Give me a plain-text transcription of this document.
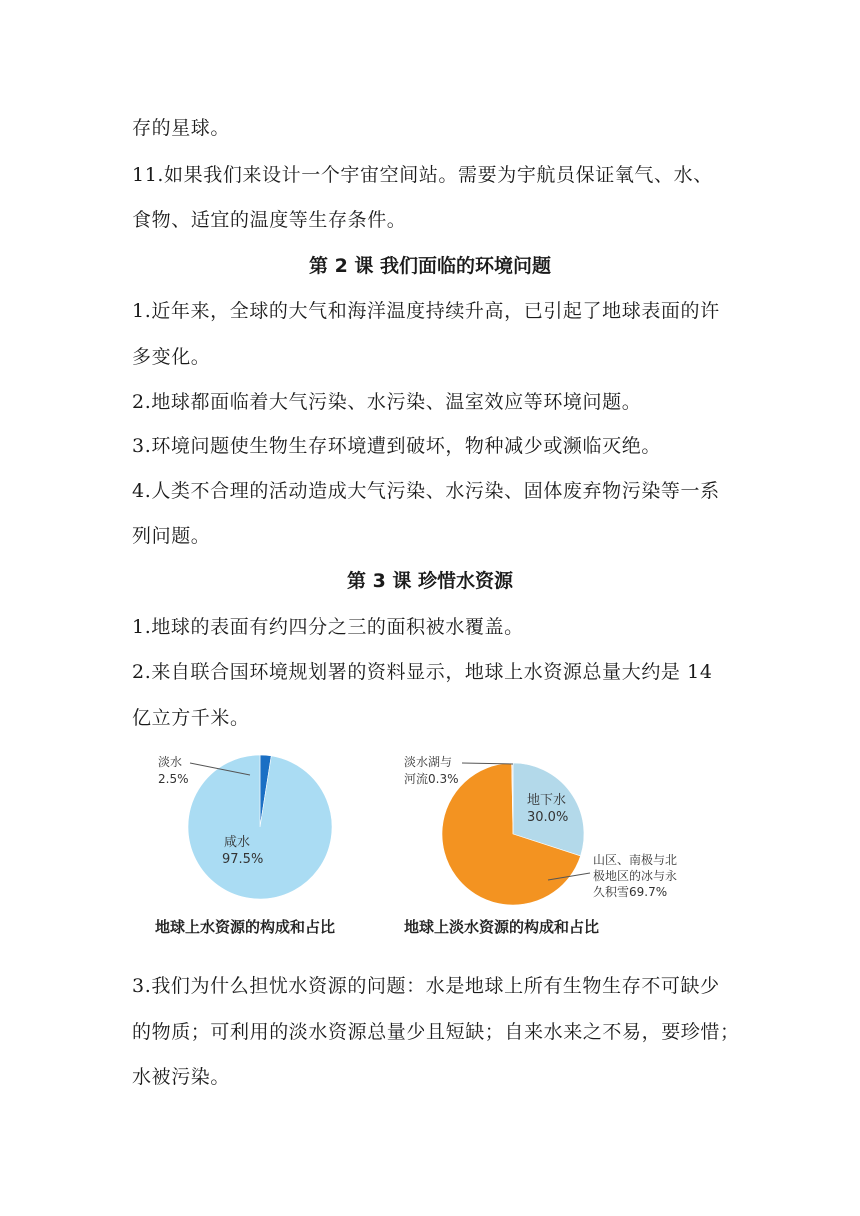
存的星球。
11.如果我们来设计一个宇宙空间站。需要为宇航员保证氧气、水、
食物、适宜的温度等生存条件。
第 2 课 我们面临的环境问题
1.近年来，全球的大气和海洋温度持续升高，已引起了地球表面的许
多变化。
2.地球都面临着大气污染、水污染、温室效应等环境问题。
3.环境问题使生物生存环境遭到破坏，物种减少或濒临灭绝。
4.人类不合理的活动造成大气污染、水污染、固体废弃物污染等一系
列问题。
第 3 课 珍惜水资源
1.地球的表面有约四分之三的面积被水覆盖。
2.来自联合国环境规划署的资料显示，地球上水资源总量大约是 14
亿立方千米。
淡水
2.5%
咸水
97.5%
地球上水资源的构成和占比
淡水湖与
河流0.3%
地下水
30.0%
山区、南极与北
极地区的冰与永
久积雪69.7%
地球上淡水资源的构成和占比
3.我们为什么担忧水资源的问题：水是地球上所有生物生存不可缺少
的物质；可利用的淡水资源总量少且短缺；自来水来之不易，要珍惜；
水被污染。
